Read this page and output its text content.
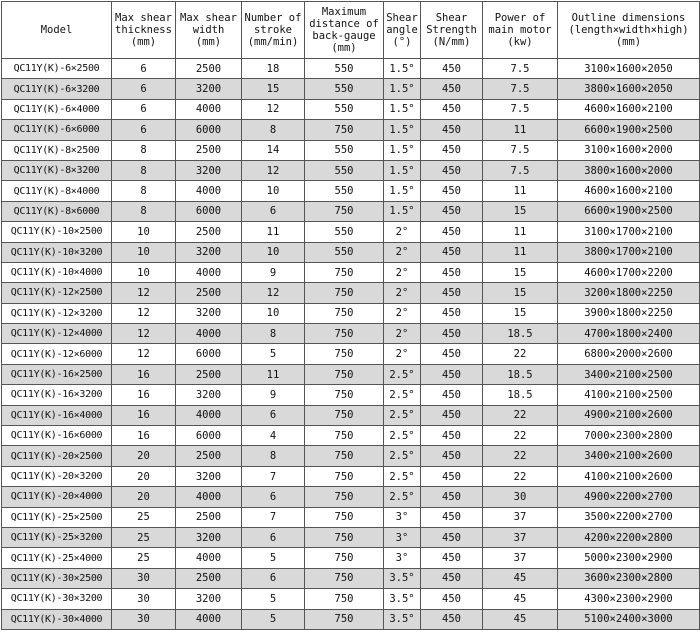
Model	Max shear
thickness
(mm)	Max shear
width
(mm)	Number of
stroke
(mm/min)	Maximum
distance of
back-gauge
(mm)	Shear
angle
(°)	Shear
Strength
(N/mm)	Power of
main motor
(kw)	Outline dimensions
(length×width×high)
(mm)

QC11Y(K)-6×2500	6	2500	18	550	1.5°	450	7.5	3100×1600×2050
QC11Y(K)-6×3200	6	3200	15	550	1.5°	450	7.5	3800×1600×2050
QC11Y(K)-6×4000	6	4000	12	550	1.5°	450	7.5	4600×1600×2100
QC11Y(K)-6×6000	6	6000	8	750	1.5°	450	11	6600×1900×2500
QC11Y(K)-8×2500	8	2500	14	550	1.5°	450	7.5	3100×1600×2000
QC11Y(K)-8×3200	8	3200	12	550	1.5°	450	7.5	3800×1600×2000
QC11Y(K)-8×4000	8	4000	10	550	1.5°	450	11	4600×1600×2100
QC11Y(K)-8×6000	8	6000	6	750	1.5°	450	15	6600×1900×2500
QC11Y(K)-10×2500	10	2500	11	550	2°	450	11	3100×1700×2100
QC11Y(K)-10×3200	10	3200	10	550	2°	450	11	3800×1700×2100
QC11Y(K)-10×4000	10	4000	9	750	2°	450	15	4600×1700×2200
QC11Y(K)-12×2500	12	2500	12	750	2°	450	15	3200×1800×2250
QC11Y(K)-12×3200	12	3200	10	750	2°	450	15	3900×1800×2250
QC11Y(K)-12×4000	12	4000	8	750	2°	450	18.5	4700×1800×2400
QC11Y(K)-12×6000	12	6000	5	750	2°	450	22	6800×2000×2600
QC11Y(K)-16×2500	16	2500	11	750	2.5°	450	18.5	3400×2100×2500
QC11Y(K)-16×3200	16	3200	9	750	2.5°	450	18.5	4100×2100×2500
QC11Y(K)-16×4000	16	4000	6	750	2.5°	450	22	4900×2100×2600
QC11Y(K)-16×6000	16	6000	4	750	2.5°	450	22	7000×2300×2800
QC11Y(K)-20×2500	20	2500	8	750	2.5°	450	22	3400×2100×2600
QC11Y(K)-20×3200	20	3200	7	750	2.5°	450	22	4100×2100×2600
QC11Y(K)-20×4000	20	4000	6	750	2.5°	450	30	4900×2200×2700
QC11Y(K)-25×2500	25	2500	7	750	3°	450	37	3500×2200×2700
QC11Y(K)-25×3200	25	3200	6	750	3°	450	37	4200×2200×2800
QC11Y(K)-25×4000	25	4000	5	750	3°	450	37	5000×2300×2900
QC11Y(K)-30×2500	30	2500	6	750	3.5°	450	45	3600×2300×2800
QC11Y(K)-30×3200	30	3200	5	750	3.5°	450	45	4300×2300×2900
QC11Y(K)-30×4000	30	4000	5	750	3.5°	450	45	5100×2400×3000
